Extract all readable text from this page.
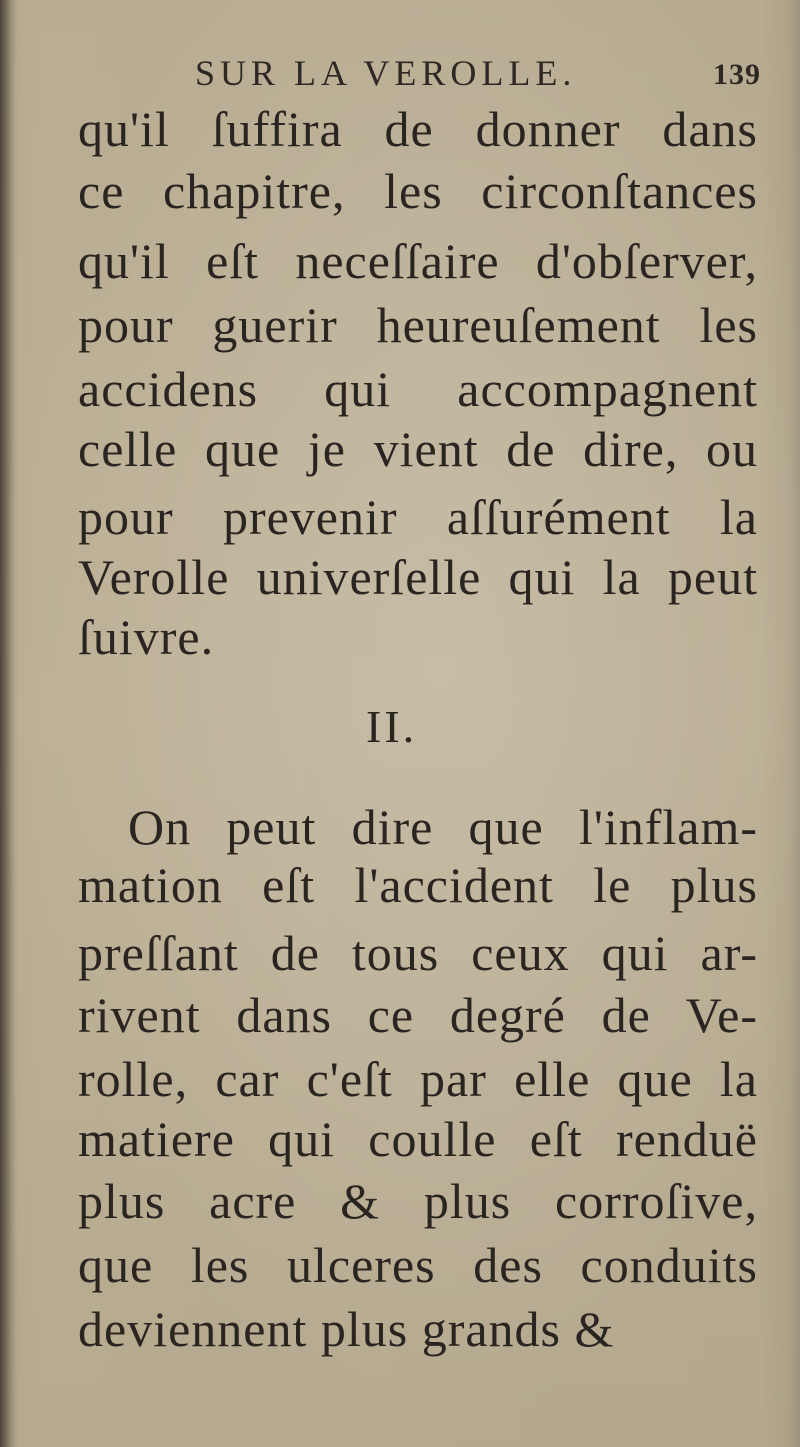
SUR LA VEROLLE.	139
qu'il ſuffira de donner dans
ce chapitre, les circonſtances
qu'il eſt neceſſaire d'obſerver,
pour guerir heureuſement les
accidens qui accompagnent
celle que je vient de dire, ou
pour prevenir aſſurément la
Verolle univerſelle qui la peut
ſuivre.
II.
On peut dire que l'inflam-
mation eſt l'accident le plus
preſſant de tous ceux qui ar-
rivent dans ce degré de Ve-
rolle, car c'eſt par elle que la
matiere qui coulle eſt renduë
plus acre & plus corroſive,
que les ulceres des conduits
deviennent plus grands &
